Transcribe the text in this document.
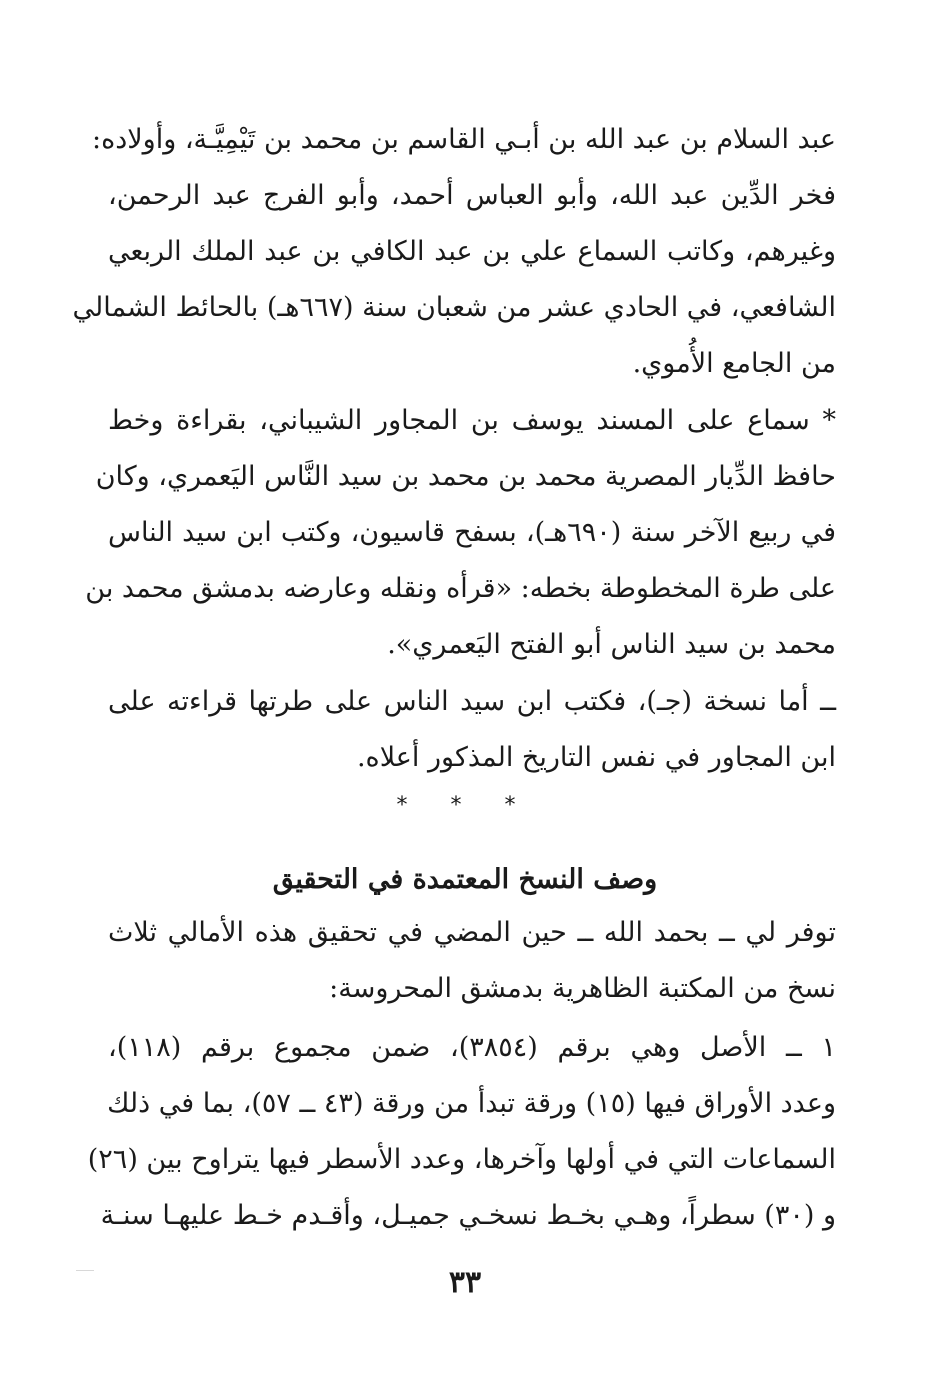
عبد السلام بن عبد الله بن أبـي القاسم بن محمد بن تَيْمِيَّـة، وأولاده:
فخر الدِّين عبد الله، وأبو العباس أحمد، وأبو الفرج عبد الرحمن،
وغيرهم، وكاتب السماع علي بن عبد الكافي بن عبد الملك الربعي
الشافعي، في الحادي عشر من شعبان سنة (٦٦٧هـ) بالحائط الشمالي
من الجامع الأُموي.
* سماع على المسند يوسف بن المجاور الشيباني، بقراءة وخط
حافظ الدِّيار المصرية محمد بن محمد بن سيد النَّاس اليَعمري، وكان
في ربيع الآخر سنة (٦٩٠هـ)، بسفح قاسيون، وكتب ابن سيد الناس
على طرة المخطوطة بخطه: «قرأه ونقله وعارضه بدمشق محمد بن
محمد بن سيد الناس أبو الفتح اليَعمري».
ــ أما نسخة (جـ)، فكتب ابن سيد الناس على طرتها قراءته على
ابن المجاور في نفس التاريخ المذكور أعلاه.
* * *
وصف النسخ المعتمدة في التحقيق
توفر لي ــ بحمد الله ــ حين المضي في تحقيق هذه الأمالي ثلاث
نسخ من المكتبة الظاهرية بدمشق المحروسة:
١ ــ الأصل وهي برقم (٣٨٥٤)، ضمن مجموع برقم (١١٨)،
وعدد الأوراق فيها (١٥) ورقة تبدأ من ورقة (٤٣ ــ ٥٧)، بما في ذلك
السماعات التي في أولها وآخرها، وعدد الأسطر فيها يتراوح بين (٢٦)
و (٣٠) سطراً، وهـي بخـط نسخـي جميـل، وأقـدم خـط عليهـا سنـة
٣٣
